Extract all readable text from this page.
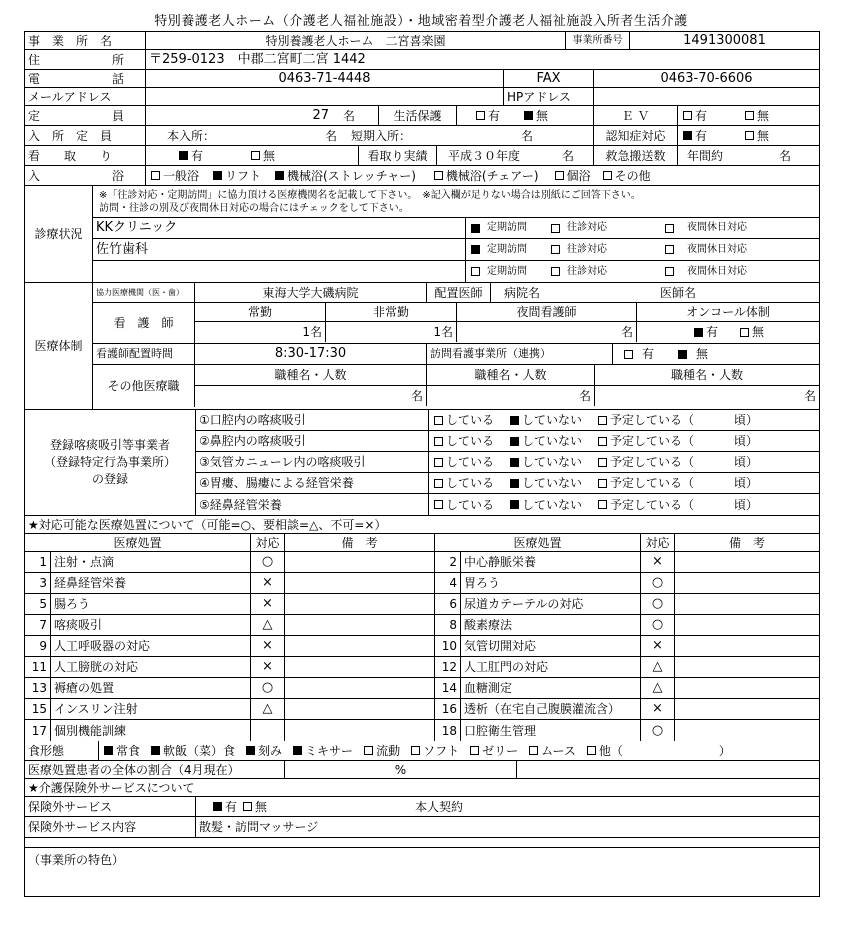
特別養護老人ホーム（介護老人福祉施設）・地域密着型介護老人福祉施設入所者生活介護
事　業　所　名	特別養護老人ホーム　二宮喜楽園	事業所番号	1491300081
住　　　　　　所	〒259-0123　中郡二宮町二宮 1442
電　　　　　　話	0463-71-4448	FAX	0463-70-6606
メールアドレス	HPアドレス
定　　　　　　員	27 名	生活保護	有	無	Ｅ Ｖ	有	無
入　所　定　員	本入所：	名 短期入所：	名	認知症対応	有	無
看　　取　　り	有	無	看取り実績	平成３０年度	名	救急搬送数	年間約	名
入　　　　　　浴	一般浴 リフト 機械浴(ストレッチャー)	機械浴(チェアー) 個浴 その他
診療状況
※「往診対応・定期訪問」に協力頂ける医療機関名を記載して下さい。　※記入欄が足りない場合は別紙にご回答下さい。
訪問・往診の別及び夜間休日対応の場合にはチェックをして下さい。
KKクリニック	定期訪問	往診対応	夜間休日対応
佐竹歯科	定期訪問	往診対応	夜間休日対応
定期訪問	往診対応	夜間休日対応
医療体制
協力医療機関（医・歯）	東海大学大磯病院	配置医師	病院名	医師名
看　護　師
常勤	非常勤	夜間看護師	オンコール体制
1 名	1 名	名	有	無
看護師配置時間	8:30-17:30	訪問看護事業所（連携）	有	無
その他医療職
職種名・人数	職種名・人数	職種名・人数
名	名	名
登録喀痰吸引等事業者
（登録特定行為事業所）
の登録
①口腔内の喀痰吸引	している していない 予定している（	頃）
②鼻腔内の喀痰吸引	している していない 予定している（	頃）
③気管カニューレ内の喀痰吸引	している していない 予定している（	頃）
④胃瘻、腸瘻による経管栄養	している していない 予定している（	頃）
⑤経鼻経管栄養	している していない 予定している（	頃）
★対応可能な医療処置について（可能=○、要相談=△、不可=×）
医療処置	対応	備　考	医療処置	対応	備　考
1 注射・点滴	○	2 中心静脈栄養	×
3 経鼻経管栄養	×	4 胃ろう	○
5 腸ろう	×	6 尿道カテーテルの対応	○
7 喀痰吸引	△	8 酸素療法	○
9 人工呼吸器の対応	×	10 気管切開対応	×
11 人工膀胱の対応	×	12 人工肛門の対応	△
13 褥瘡の処置	○	14 血糖測定	△
15 インスリン注射	△	16 透析（在宅自己腹膜灌流含）	×
17 個別機能訓練	18 口腔衛生管理	○
食形態	常食 軟飯（菜）食 刻み ミキサー 流動 ソフト ゼリー ムース 他（　　　　　　　　）
医療処置患者の全体の割合（4月現在）	%
★介護保険外サービスについて
保険外サービス	有 無	本人契約
保険外サービス内容	散髪・訪問マッサージ
（事業所の特色）
